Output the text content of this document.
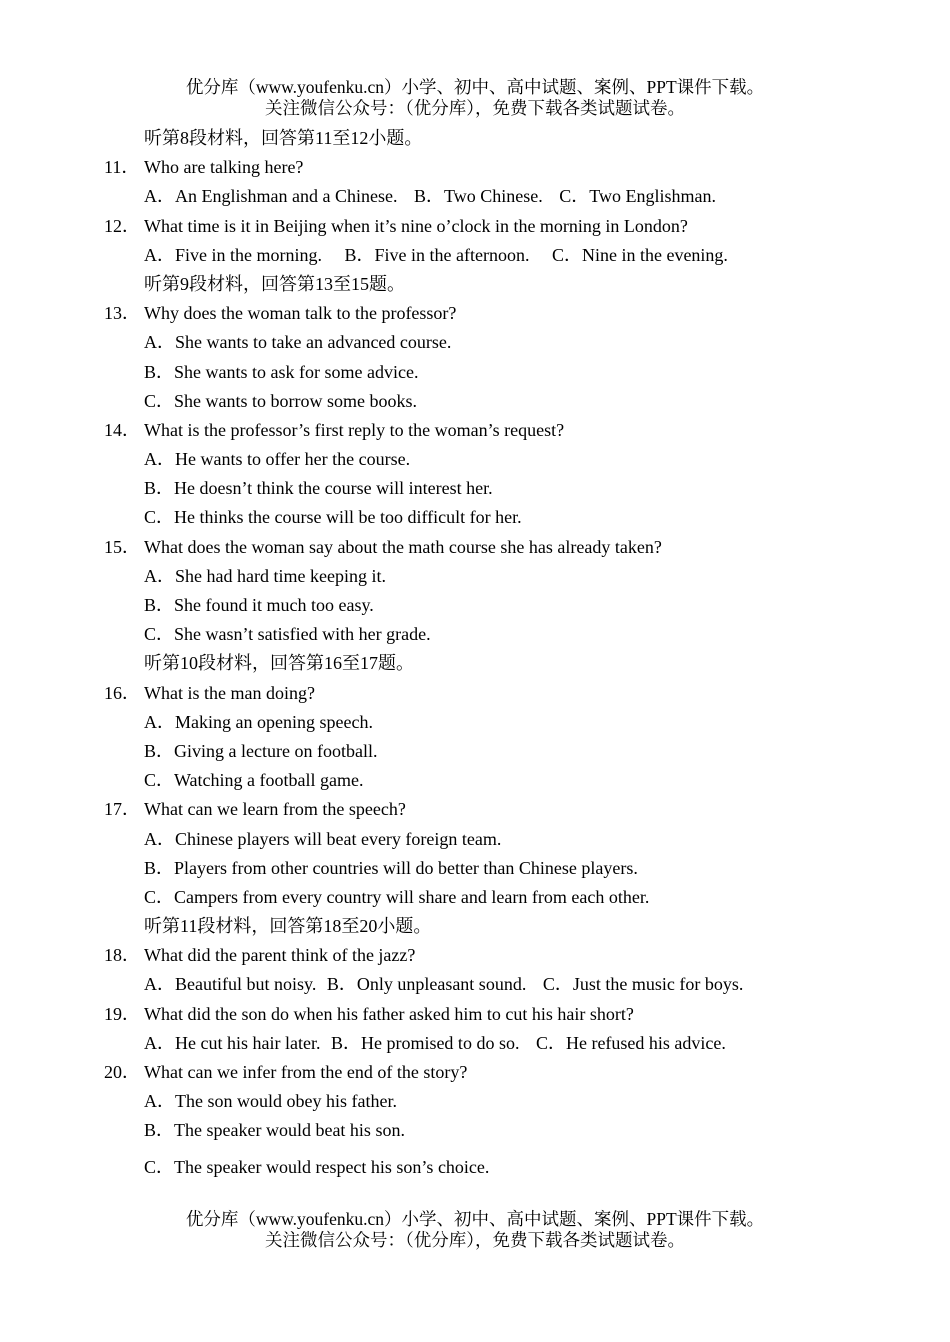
优分库（www.youfenku.cn）小学、初中、高中试题、案例、PPT课件下载。
关注微信公众号：（优分库），免费下载各类试题试卷。
听第8段材料，回答第11至12小题。
11． Who are talking here?
A．An Englishman and a Chinese. B．Two Chinese. C．Two Englishman.
12． What time is it in Beijing when it’s nine o’clock in the morning in London?
A．Five in the morning. B．Five in the afternoon. C．Nine in the evening.
听第9段材料，回答第13至15题。
13． Why does the woman talk to the professor?
A．She wants to take an advanced course.
B．She wants to ask for some advice.
C．She wants to borrow some books.
14． What is the professor’s first reply to the woman’s request?
A．He wants to offer her the course.
B．He doesn’t think the course will interest her.
C．He thinks the course will be too difficult for her.
15． What does the woman say about the math course she has already taken?
A．She had hard time keeping it.
B．She found it much too easy.
C．She wasn’t satisfied with her grade.
听第10段材料，回答第16至17题。
16． What is the man doing?
A．Making an opening speech.
B．Giving a lecture on football.
C．Watching a football game.
17． What can we learn from the speech?
A．Chinese players will beat every foreign team.
B．Players from other countries will do better than Chinese players.
C．Campers from every country will share and learn from each other.
听第11段材料，回答第18至20小题。
18． What did the parent think of the jazz?
A．Beautiful but noisy. B．Only unpleasant sound. C．Just the music for boys.
19． What did the son do when his father asked him to cut his hair short?
A．He cut his hair later. B．He promised to do so. C．He refused his advice.
20． What can we infer from the end of the story?
A．The son would obey his father.
B．The speaker would beat his son.
C．The speaker would respect his son’s choice.
优分库（www.youfenku.cn）小学、初中、高中试题、案例、PPT课件下载。
关注微信公众号：（优分库），免费下载各类试题试卷。
